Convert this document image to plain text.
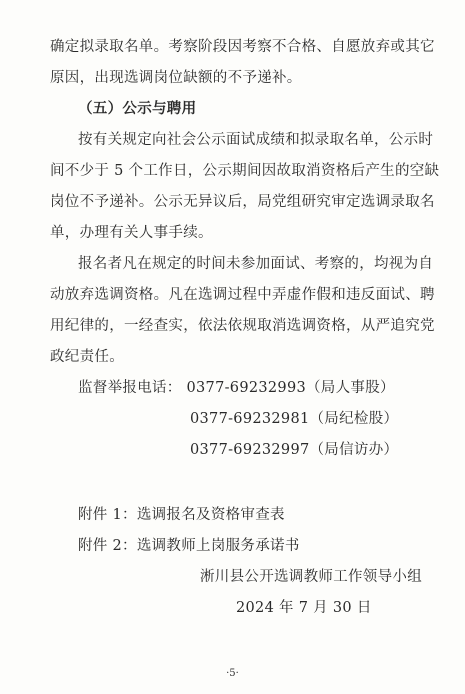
确定拟录取名单。考察阶段因考察不合格、自愿放弃或其它
原因，出现选调岗位缺额的不予递补。
（五）公示与聘用
按有关规定向社会公示面试成绩和拟录取名单，公示时
间不少于 5 个工作日，公示期间因故取消资格后产生的空缺
岗位不予递补。公示无异议后，局党组研究审定选调录取名
单，办理有关人事手续。
报名者凡在规定的时间未参加面试、考察的，均视为自
动放弃选调资格。凡在选调过程中弄虚作假和违反面试、聘
用纪律的，一经查实，依法依规取消选调资格，从严追究党
政纪责任。
监督举报电话： 0377-69232993（局人事股）
0377-69232981（局纪检股）
0377-69232997（局信访办）
附件 1：选调报名及资格审查表
附件 2：选调教师上岗服务承诺书
淅川县公开选调教师工作领导小组
2024 年 7 月 30 日
·5·
